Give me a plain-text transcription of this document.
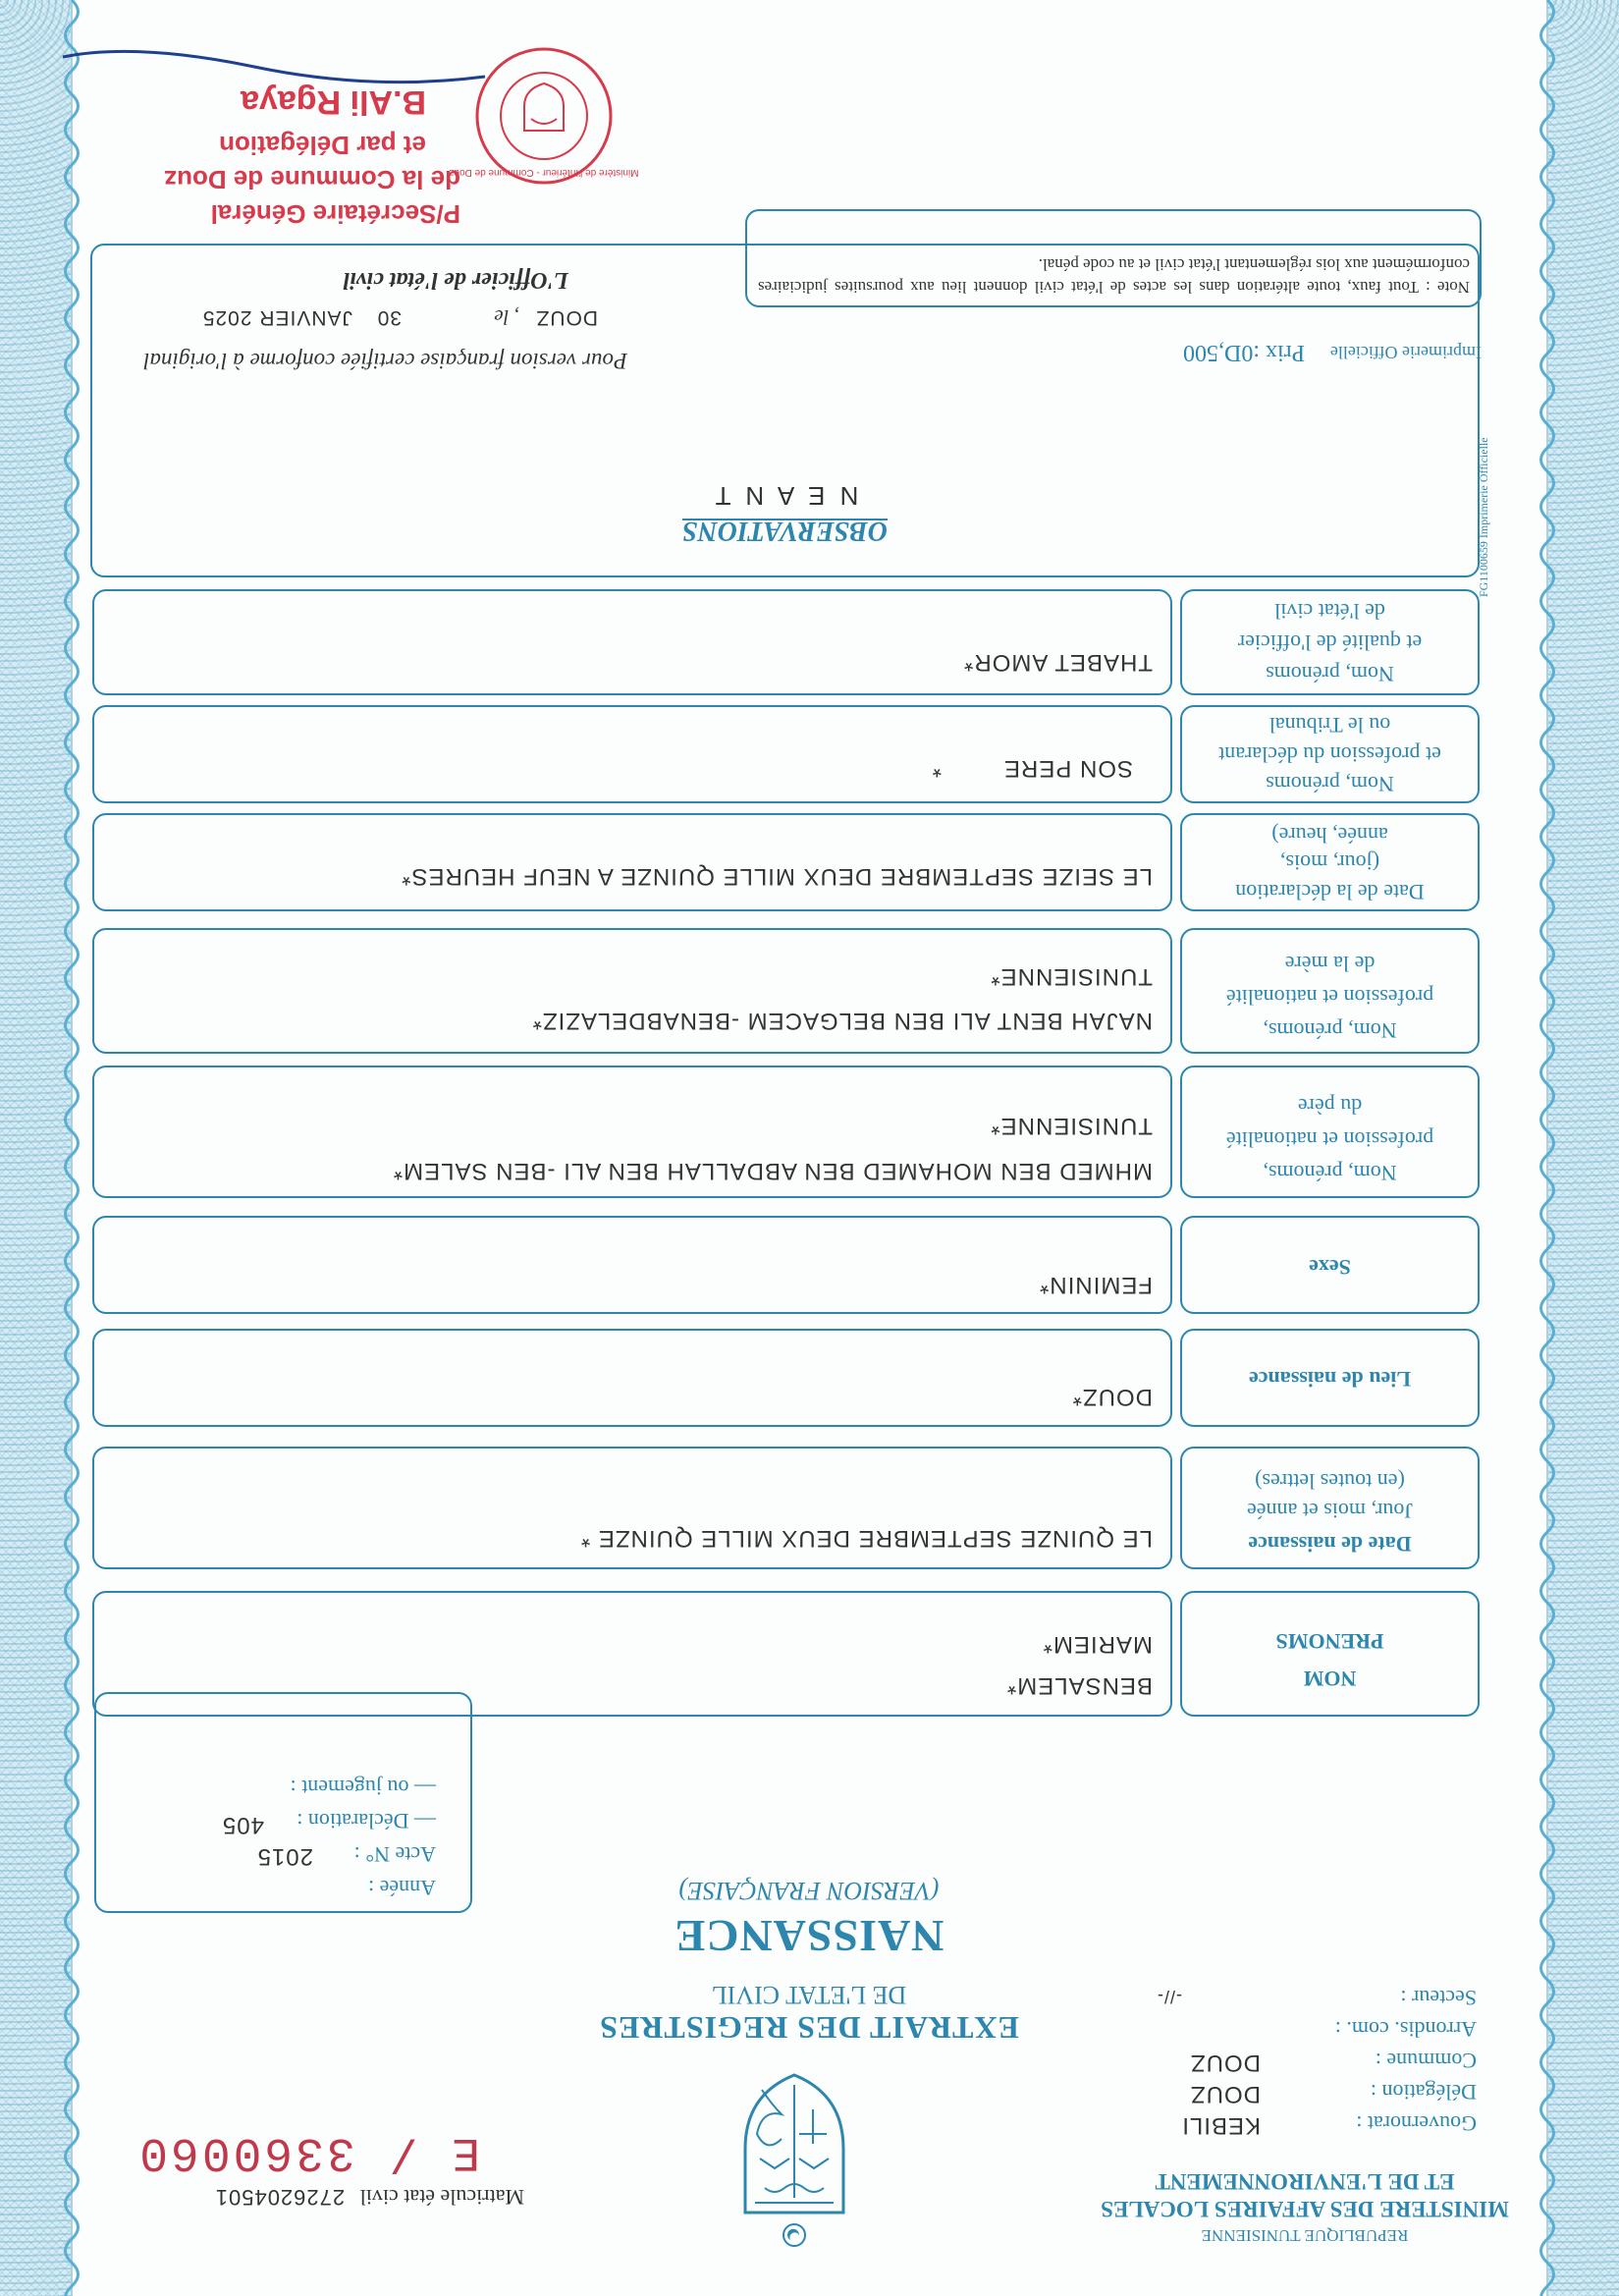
REPUBLIQUE TUNISIENNE
MINISTERE DES AFFAIRES LOCALES
ET DE L'ENVIRONNEMENT
Matricule état civil 2726204501
E / 3360060
Gouvernorat :
KEBILI
Délégation :
DOUZ
Commune :
DOUZ
Arrondis. com. :
-//-	Secteur :
EXTRAIT DES REGISTRES
DE L'ETAT CIVIL
NAISSANCE
(VERSION FRANÇAISE)
Année :
Acte N° :
2015
— Déclaration :
405
— ou jugement :
NOM
PRENOMS
BENSALEM*
MARIEM*
Date de naissance
Jour, mois et année
(en toutes lettres)
LE QUINZE SEPTEMBRE DEUX MILLE QUINZE *
Lieu de naissance
DOUZ*
Sexe
FEMININ*
Nom, prénoms,
profession et nationalité
du père
MHMED BEN MOHAMED BEN ABDALLAH BEN ALI -BEN SALEM*
TUNISIENNE*
Nom, prénoms,
profession et nationalité
de la mère
NAJAH BENT ALI BEN BELGACEM -BENABDELAZIZ*
TUNISIENNE*
Date de la déclaration
(jour, mois,
année, heure)
LE SEIZE SEPTEMBRE DEUX MILLE QUINZE A NEUF HEURES*
Nom, prénoms
et profession du déclarant
ou le Tribunal
SON PERE
*
Nom, prénoms
et qualité de l'officier
de l'état civil
THABET AMOR*
OBSERVATIONS
N E A N T
Imprimerie Officielle
Prix :0D,500
FG1100659 Imprimerie Officielle
Note : Tout faux, toute altération dans les actes de l'état civil donnent lieu aux poursuites judiciaires conformément aux lois réglementant l'état civil et au code pénal.
Pour version française certifiée conforme à l'original
DOUZ
, le
30
JANVIER 2025
L'Officier de l'état civil
P/Secrétaire Général
de la Commune de Douz
et par Délégation
B.Ali Rgaya
Ministère de l'Intérieur - Commune de Douz
